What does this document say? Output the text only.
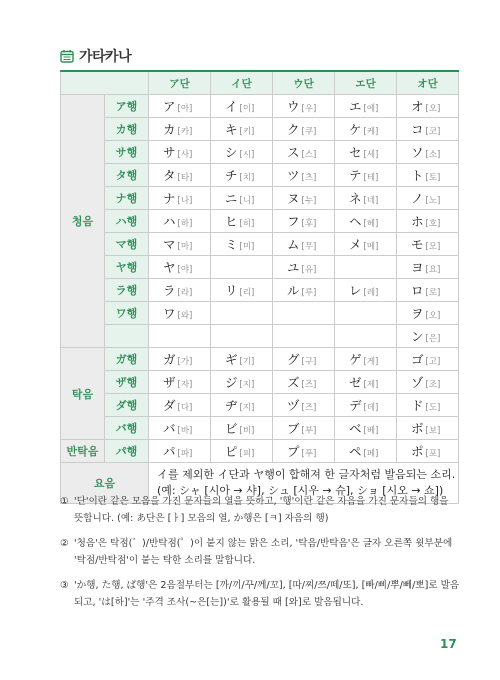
가타카나
		ア단	イ단	ウ단	エ단	オ단
청음	ア행	ア [아]	イ [이]	ウ [우]	エ [에]	オ [오]
	カ행	カ [카]	キ [키]	ク [쿠]	ケ [케]	コ [코]
	サ행	サ [사]	シ [시]	ス [스]	セ [세]	ソ [소]
	タ행	タ [타]	チ [치]	ツ [츠]	テ [테]	ト [토]
	ナ행	ナ [나]	ニ [니]	ヌ [누]	ネ [네]	ノ [노]
	ハ행	ハ [하]	ヒ [히]	フ [후]	ヘ [헤]	ホ [호]
	マ행	マ [마]	ミ [미]	ム [무]	メ [메]	モ [모]
	ヤ행	ヤ [야]		ユ [유]		ヨ [요]
	ラ행	ラ [라]	リ [리]	ル [루]	レ [레]	ロ [로]
	ワ행	ワ [와]				ヲ [오]
						ン [은]
탁음	ガ행	ガ [가]	ギ [기]	グ [구]	ゲ [게]	ゴ [고]
	ザ행	ザ [자]	ジ [지]	ズ [즈]	ゼ [제]	ゾ [조]
	ダ행	ダ [다]	ヂ [지]	ヅ [즈]	デ [데]	ド [도]
	バ행	バ [바]	ビ [비]	ブ [부]	ベ [베]	ボ [보]
반탁음	パ행	パ [파]	ピ [피]	プ [푸]	ペ [페]	ポ [포]
요음		イ를 제외한 イ단과 ヤ행이 합해져 한 글자처럼 발음되는 소리.
(예: シャ [시아 → 샤], シュ [시우 → 슈], ショ [시오 → 쇼])				
① '단'이란 같은 모음을 가진 문자들의 열을 뜻하고, '행'이란 같은 자음을 가진 문자들의 행을 뜻합니다. (예: あ단은 [ㅏ] 모음의 열, か행은 [ㅋ] 자음의 행)
② '청음'은 탁점(゛)/반탁점(゜)이 붙지 않는 맑은 소리, '탁음/반탁음'은 글자 오른쪽 윗부분에 '탁점/반탁점'이 붙는 탁한 소리를 말합니다.
③ 'か행, た행, ぱ행'은 2음절부터는 [까/끼/꾸/께/꼬], [따/찌/쯔/떼/또], [빠/삐/뿌/뻬/뽀]로 발음되고, 'は[하]'는 '주격 조사(~은[는])'로 활용될 때 [와]로 발음됩니다.
17
